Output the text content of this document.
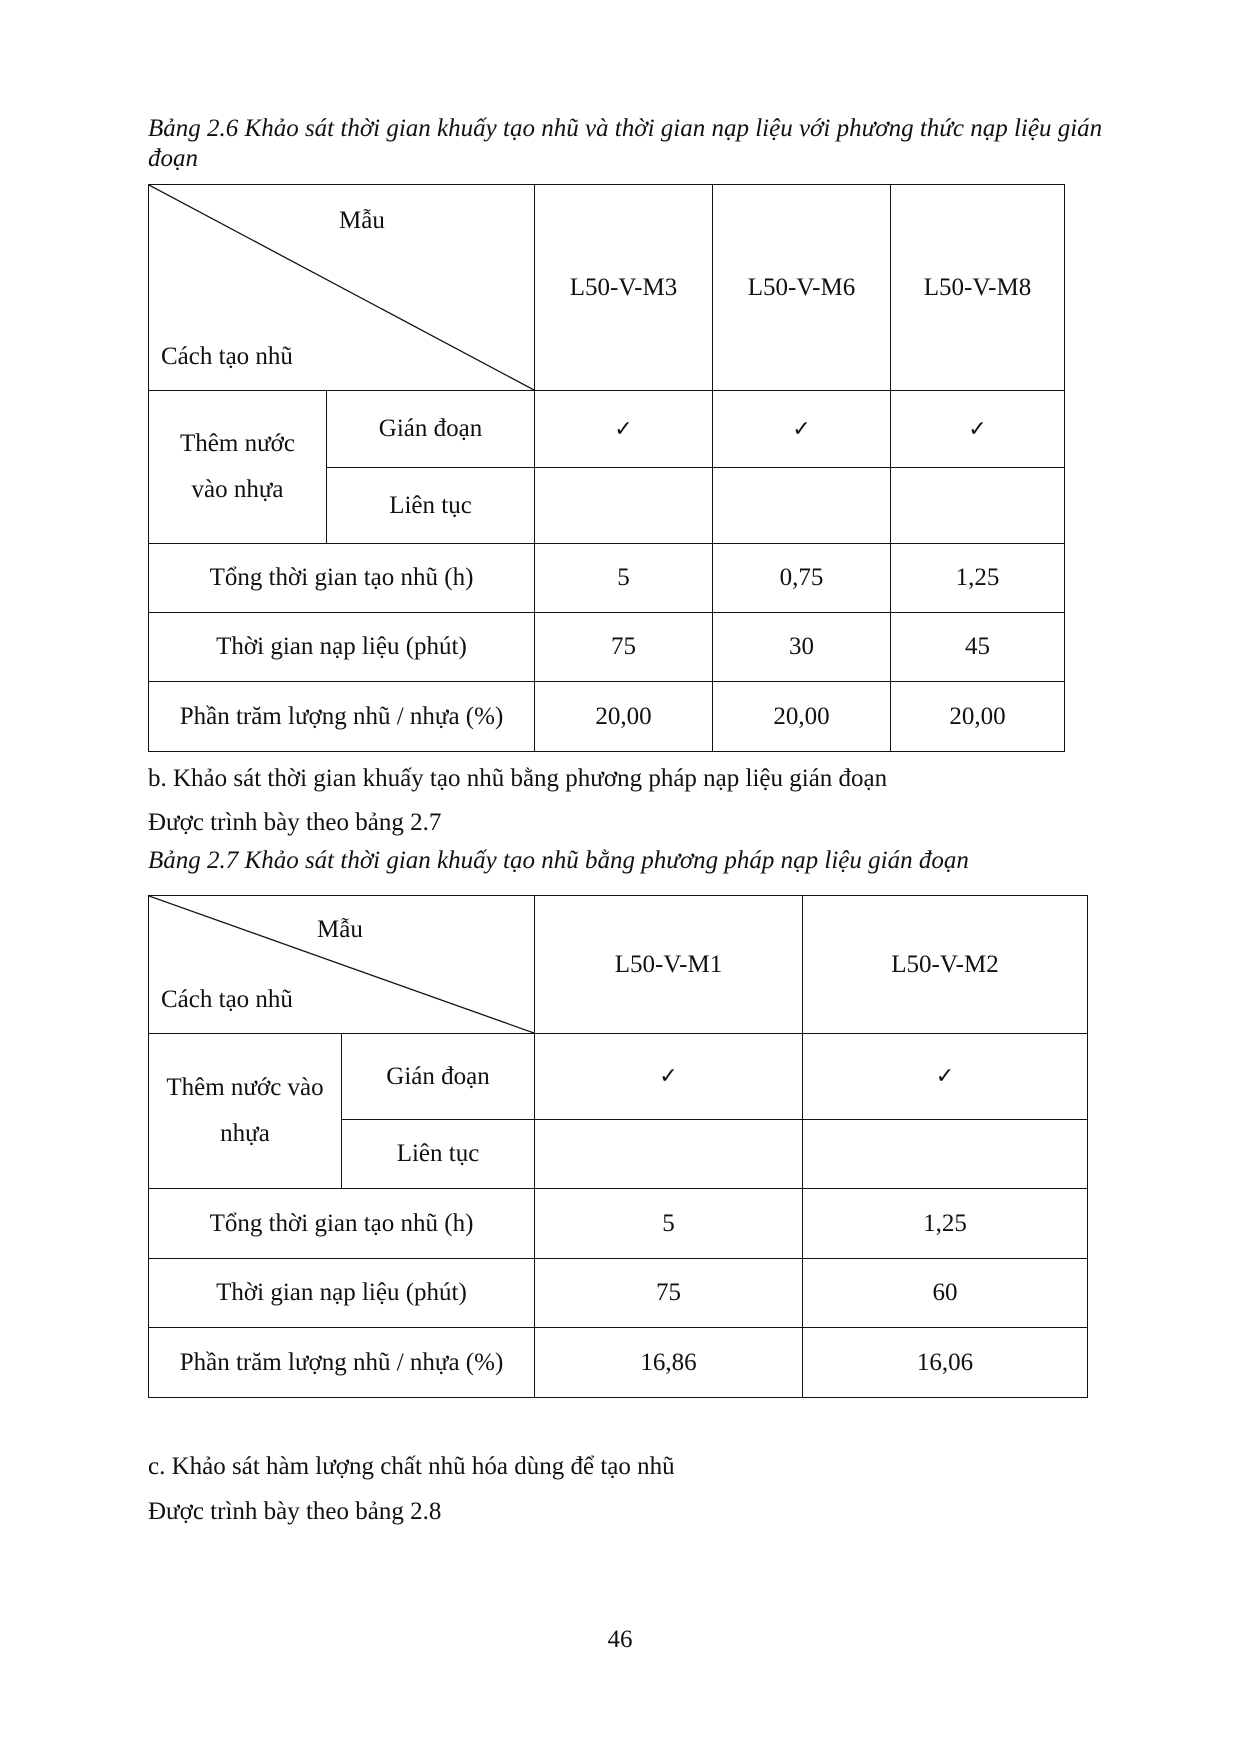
Bảng 2.6 Khảo sát thời gian khuấy tạo nhũ và thời gian nạp liệu với phương thức nạp liệu gián đoạn
Mẫu
Cách tạo nhũ		L50-V-M3	L50-V-M6	L50-V-M8
Thêm nước vào nhựa	Gián đoạn	✓	✓	✓
	Liên tục			
Tổng thời gian tạo nhũ (h)		5	0,75	1,25
Thời gian nạp liệu (phút)		75	30	45
Phần trăm lượng nhũ / nhựa (%)		20,00	20,00	20,00
b. Khảo sát thời gian khuấy tạo nhũ bằng phương pháp nạp liệu gián đoạn
Được trình bày theo bảng 2.7
Bảng 2.7 Khảo sát thời gian khuấy tạo nhũ bằng phương pháp nạp liệu gián đoạn
Mẫu
Cách tạo nhũ		L50-V-M1	L50-V-M2
Thêm nước vào nhựa	Gián đoạn	✓	✓
	Liên tục		
Tổng thời gian tạo nhũ (h)		5	1,25
Thời gian nạp liệu (phút)		75	60
Phần trăm lượng nhũ / nhựa (%)		16,86	16,06
c. Khảo sát hàm lượng chất nhũ hóa dùng để tạo nhũ
Được trình bày theo bảng 2.8
46
